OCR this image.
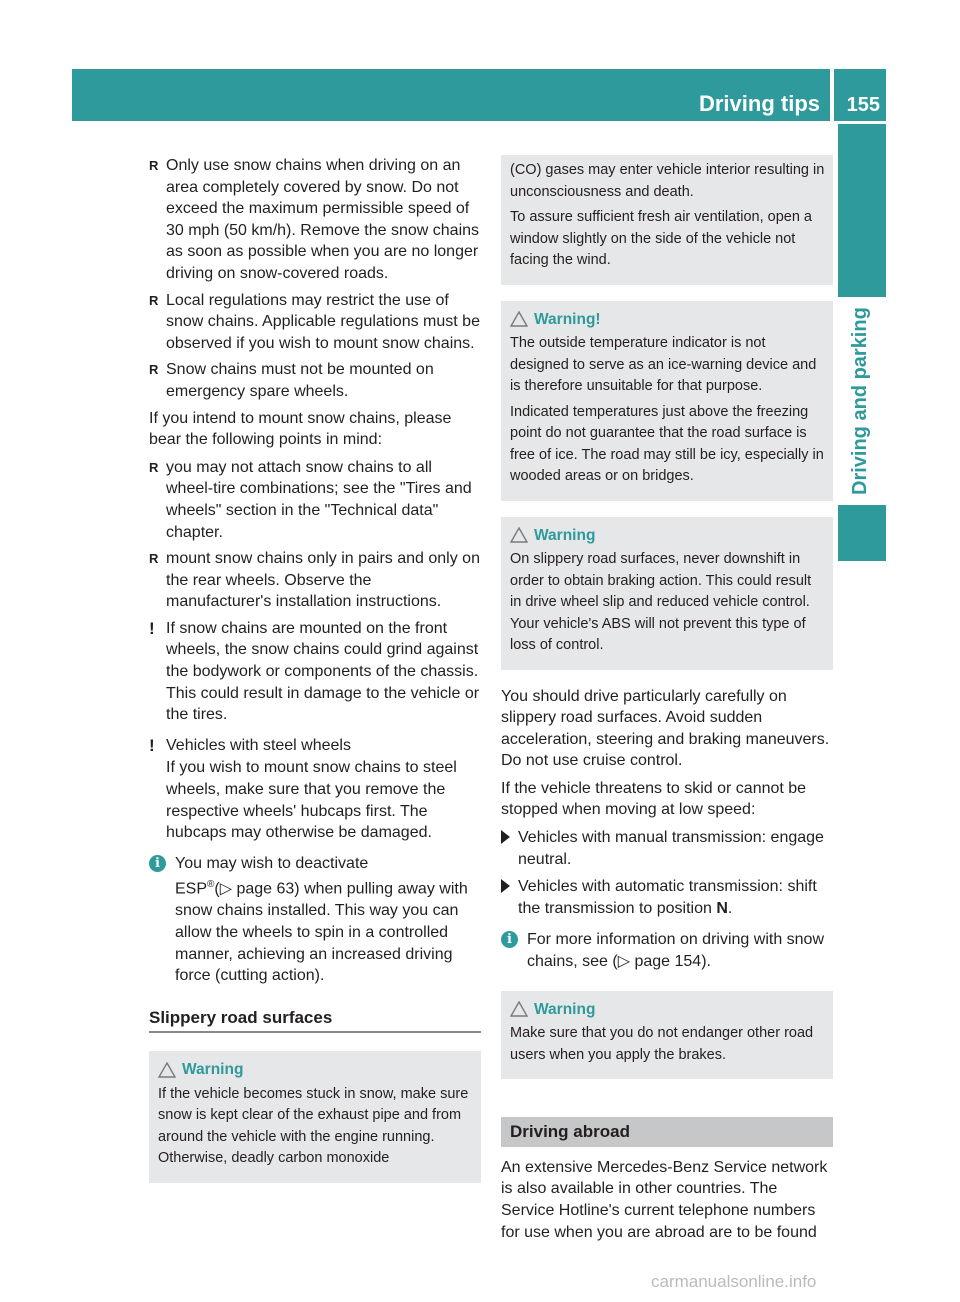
Driving tips 155
Driving and parking
R Only use snow chains when driving on an area completely covered by snow. Do not exceed the maximum permissible speed of 30 mph (50 km/h). Remove the snow chains as soon as possible when you are no longer driving on snow-covered roads.
R Local regulations may restrict the use of snow chains. Applicable regulations must be observed if you wish to mount snow chains.
R Snow chains must not be mounted on emergency spare wheels.

If you intend to mount snow chains, please bear the following points in mind:

R you may not attach snow chains to all wheel-tire combinations; see the "Tires and wheels" section in the "Technical data" chapter.
R mount snow chains only in pairs and only on the rear wheels. Observe the manufacturer's installation instructions.
! If snow chains are mounted on the front wheels, the snow chains could grind against the bodywork or components of the chassis. This could result in damage to the vehicle or the tires.
! Vehicles with steel wheels
If you wish to mount snow chains to steel wheels, make sure that you remove the respective wheels' hubcaps first. The hubcaps may otherwise be damaged.
i You may wish to deactivate
ESP®(▷ page 63) when pulling away with snow chains installed. This way you can allow the wheels to spin in a controlled manner, achieving an increased driving force (cutting action).
Slippery road surfaces
Warning

If the vehicle becomes stuck in snow, make sure snow is kept clear of the exhaust pipe and from around the vehicle with the engine running. Otherwise, deadly carbon monoxide

(CO) gases may enter vehicle interior resulting in unconsciousness and death.

To assure sufficient fresh air ventilation, open a window slightly on the side of the vehicle not facing the wind.

Warning!

The outside temperature indicator is not designed to serve as an ice-warning device and is therefore unsuitable for that purpose.

Indicated temperatures just above the freezing point do not guarantee that the road surface is free of ice. The road may still be icy, especially in wooded areas or on bridges.

Warning

On slippery road surfaces, never downshift in order to obtain braking action. This could result in drive wheel slip and reduced vehicle control. Your vehicle's ABS will not prevent this type of loss of control.

You should drive particularly carefully on slippery road surfaces. Avoid sudden acceleration, steering and braking maneuvers. Do not use cruise control.

If the vehicle threatens to skid or cannot be stopped when moving at low speed:

Vehicles with manual transmission: engage neutral.
Vehicles with automatic transmission: shift the transmission to position N.
i For more information on driving with snow chains, see (▷ page 154).
Warning

Make sure that you do not endanger other road users when you apply the brakes.

Driving abroad

An extensive Mercedes-Benz Service network is also available in other countries. The Service Hotline's current telephone numbers for use when you are abroad are to be found

carmanualsonline.info
